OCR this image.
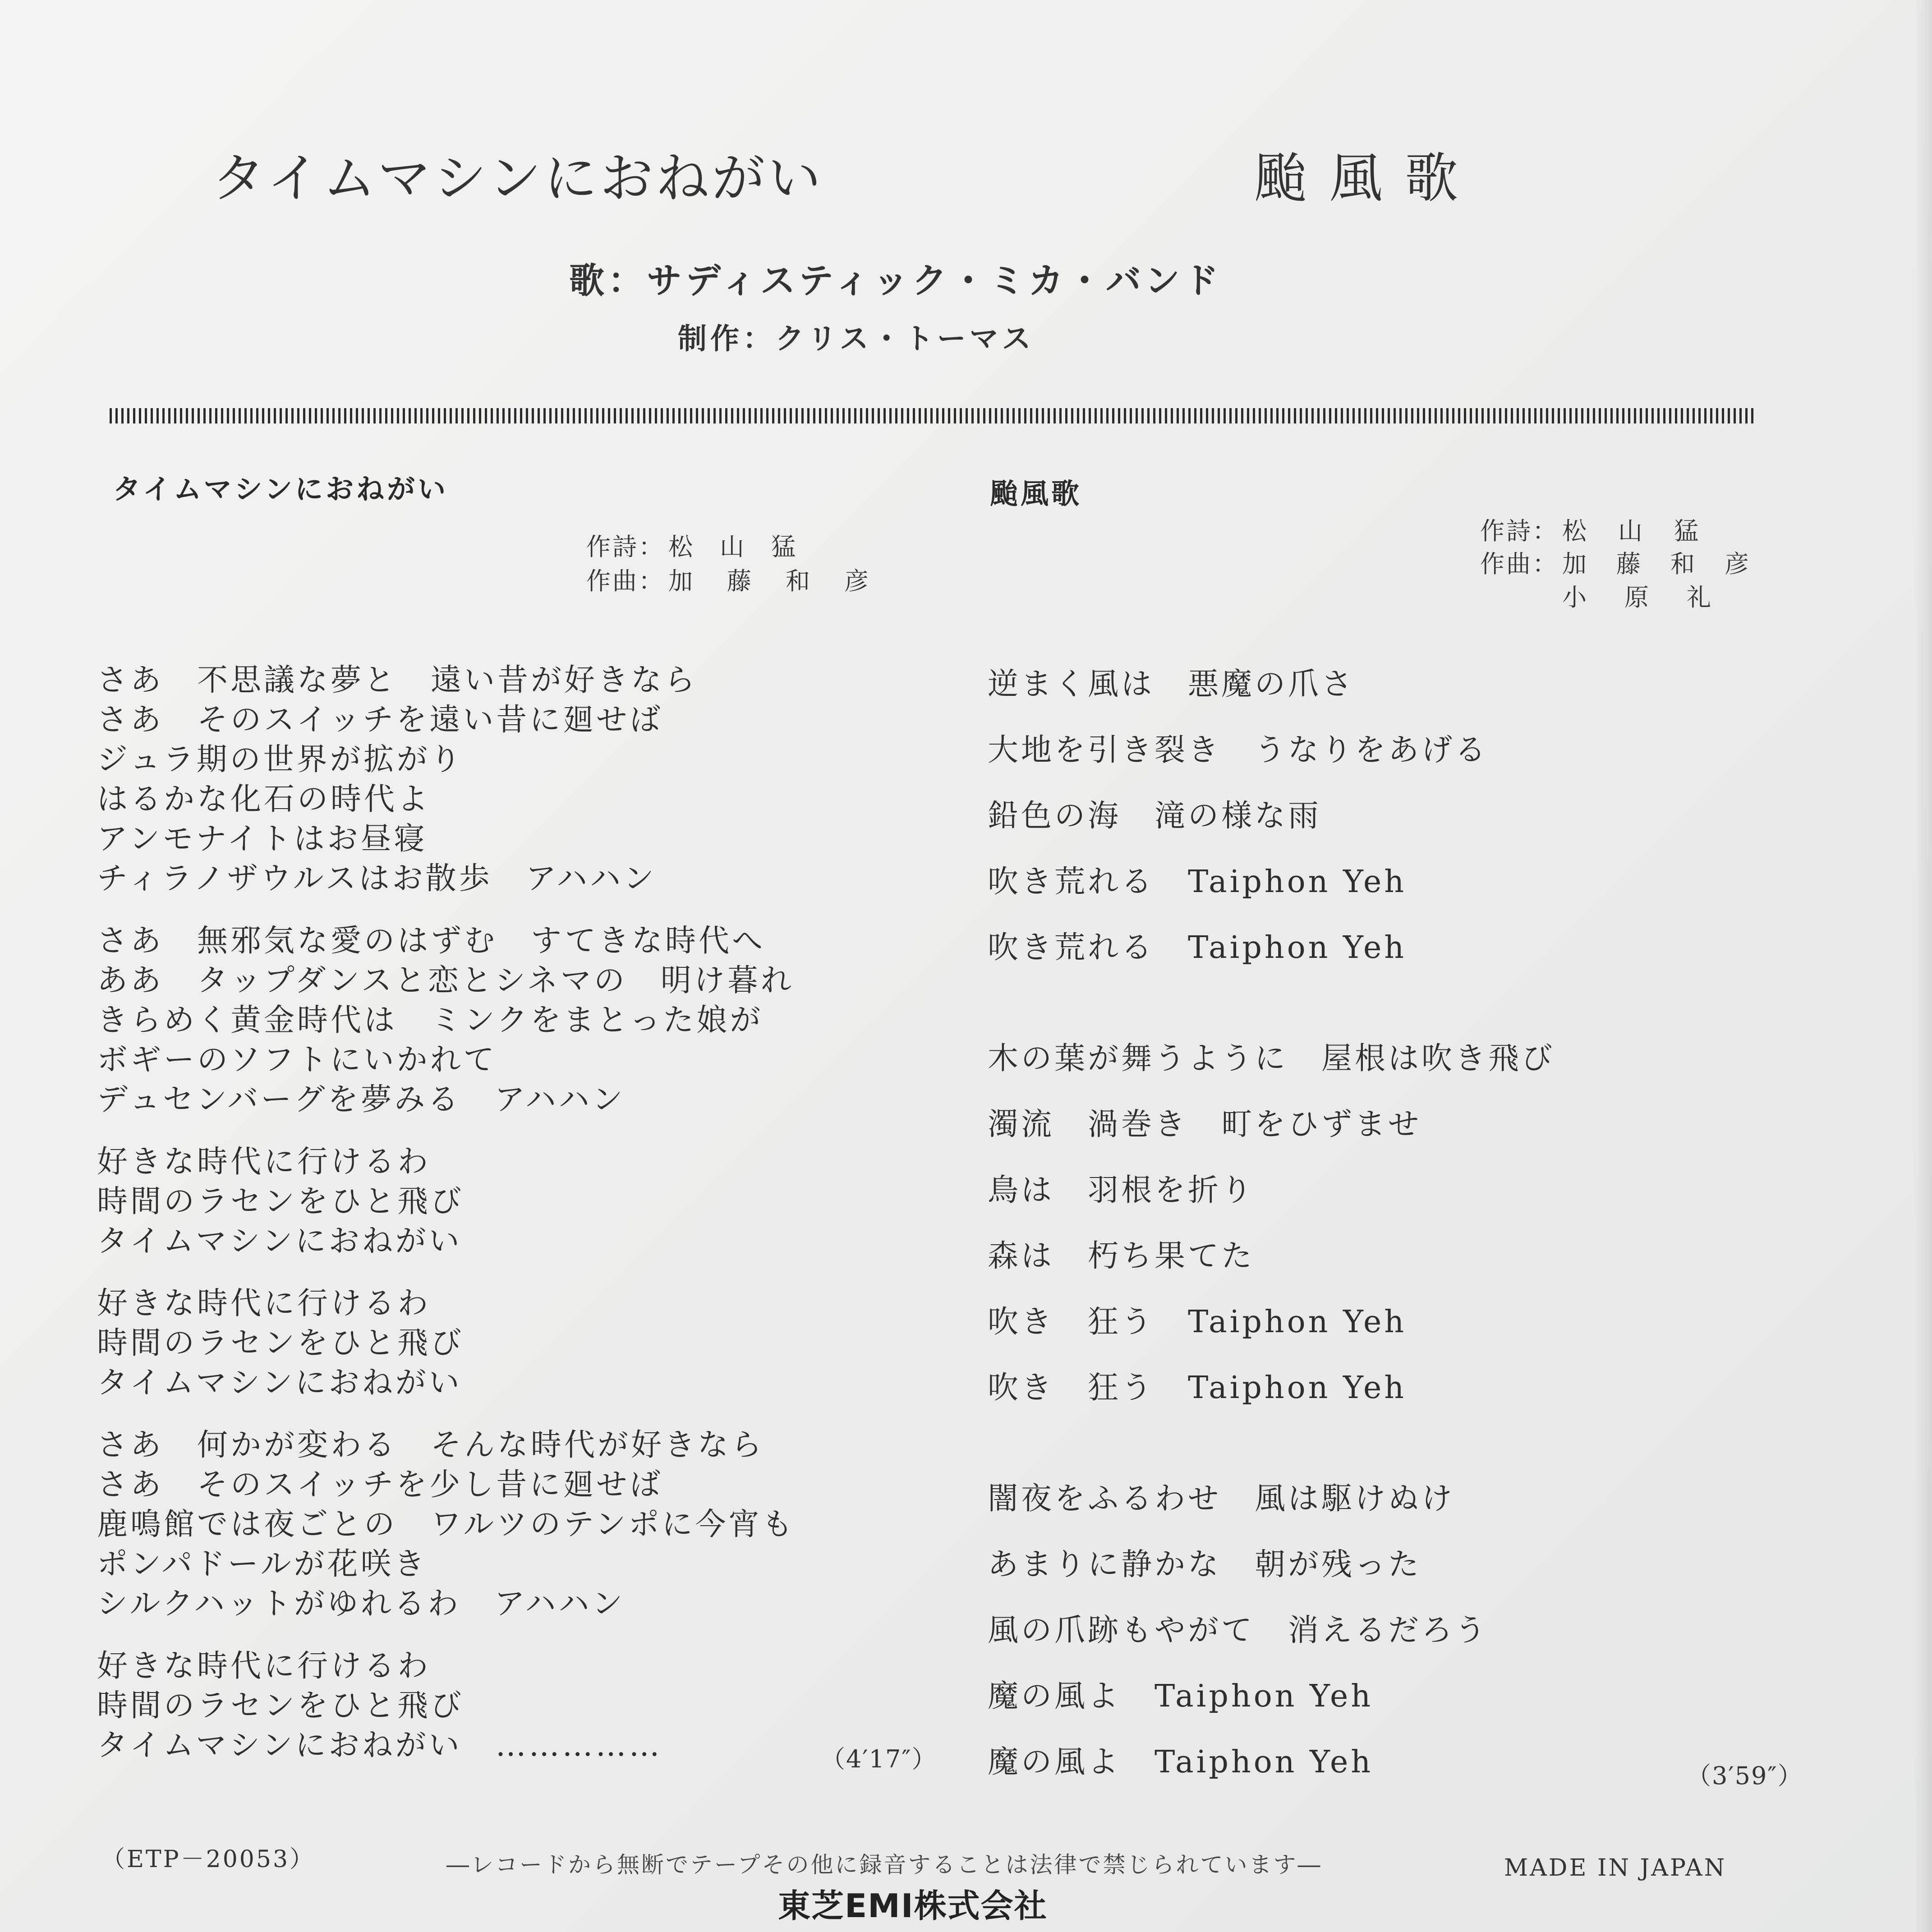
タイムマシンにおねがい	颱 風 歌
歌：サディスティック・ミカ・バンド
制作：クリス・トーマス
タイムマシンにおねがい
作詩： 松山猛
作曲： 加藤和彦
さあ　不思議な夢と　遠い昔が好きなら
さあ　そのスイッチを遠い昔に廻せば
ジュラ期の世界が拡がり
はるかな化石の時代よ
アンモナイトはお昼寝
チィラノザウルスはお散歩　アハハン
さあ　無邪気な愛のはずむ　すてきな時代へ
ああ　タップダンスと恋とシネマの　明け暮れ
きらめく黄金時代は　ミンクをまとった娘が
ボギーのソフトにいかれて
デュセンバーグを夢みる　アハハン
好きな時代に行けるわ
時間のラセンをひと飛び
タイムマシンにおねがい
好きな時代に行けるわ
時間のラセンをひと飛び
タイムマシンにおねがい
さあ　何かが変わる　そんな時代が好きなら
さあ　そのスイッチを少し昔に廻せば
鹿鳴館では夜ごとの　ワルツのテンポに今宵も
ポンパドールが花咲き
シルクハットがゆれるわ　アハハン
好きな時代に行けるわ
時間のラセンをひと飛び
タイムマシンにおねがい　……………	（4′17″）
颱風歌
作詩： 松山猛
作曲： 加藤和彦
小原礼
逆まく風は　悪魔の爪さ
大地を引き裂き　うなりをあげる
鉛色の海　滝の様な雨
吹き荒れる　Taiphon Yeh
吹き荒れる　Taiphon Yeh
木の葉が舞うように　屋根は吹き飛び
濁流　渦巻き　町をひずませ
鳥は　羽根を折り
森は　朽ち果てた
吹き　狂う　Taiphon Yeh
吹き　狂う　Taiphon Yeh
闇夜をふるわせ　風は駆けぬけ
あまりに静かな　朝が残った
風の爪跡もやがて　消えるだろう
魔の風よ　Taiphon Yeh
魔の風よ　Taiphon Yeh	（3′59″）
（ETP－20053）	―レコードから無断でテープその他に録音することは法律で禁じられています―	MADE IN JAPAN
東芝EMI株式会社
